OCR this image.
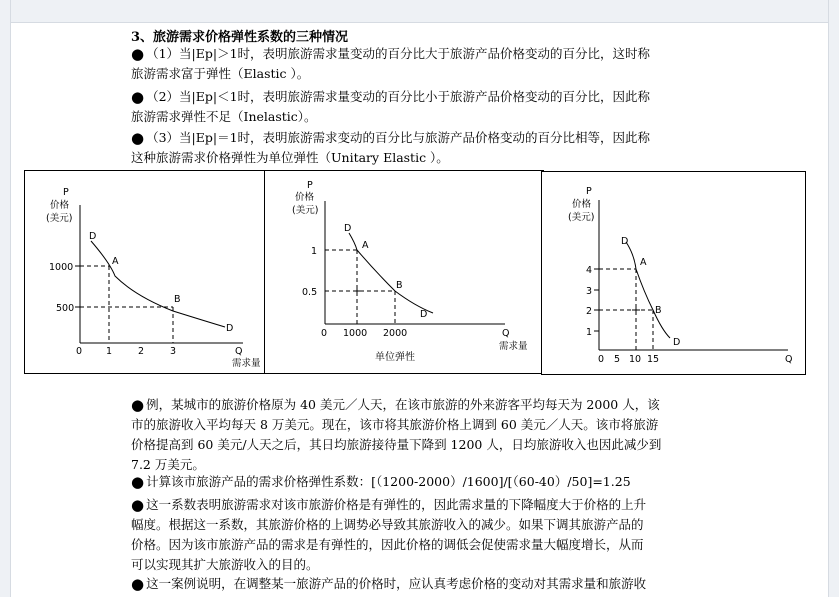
3、旅游需求价格弹性系数的三种情况
● （1）当|Ep|＞1时，表明旅游需求量变动的百分比大于旅游产品价格变动的百分比，这时称
旅游需求富于弹性（Elastic ）。
● （2）当|Ep|＜1时，表明旅游需求量变动的百分比小于旅游产品价格变动的百分比，因此称
旅游需求弹性不足（Inelastic）。
● （3）当|Ep|＝1时，表明旅游需求变动的百分比与旅游产品价格变动的百分比相等，因此称
这种旅游需求价格弹性为单位弹性（Unitary Elastic ）。
P
价格
(美元)
1000
500
0	1	2	3	Q
需求量
D
A
B
D
P
价格
(美元)
1
0.5
0 1000 2000	Q
需求量
单位弹性
D
A
B
D
P
价格
(美元)
4
3
2
1
0 5 10 15	Q
D
A
B
D
● 例，某城市的旅游价格原为 40 美元／人天，在该市旅游的外来游客平均每天为 2000 人，该
市的旅游收入平均每天 8 万美元。现在，该市将其旅游价格上调到 60 美元／人天。该市将旅游
价格提高到 60 美元/人天之后，其日均旅游接待量下降到 1200 人，日均旅游收入也因此减少到
7.2 万美元。
● 计算该市旅游产品的需求价格弹性系数：[（1200-2000）/1600]/[（60-40）/50]=1.25
● 这一系数表明旅游需求对该市旅游价格是有弹性的，因此需求量的下降幅度大于价格的上升
幅度。根据这一系数，其旅游价格的上调势必导致其旅游收入的减少。如果下调其旅游产品的
价格。因为该市旅游产品的需求是有弹性的，因此价格的调低会促使需求量大幅度增长，从而
可以实现其扩大旅游收入的目的。
● 这一案例说明，在调整某一旅游产品的价格时，应认真考虑价格的变动对其需求量和旅游收
